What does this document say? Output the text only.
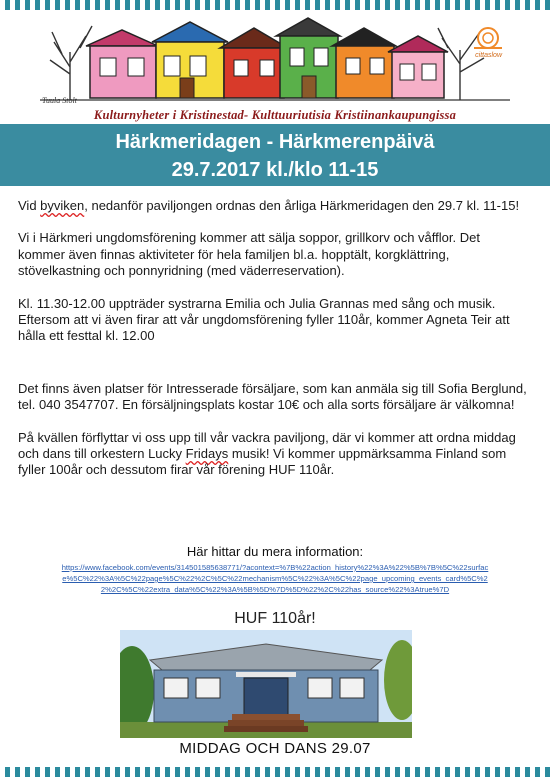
cittaslow
Tuula Stolt
Kulturnyheter i Kristinestad- Kulttuuriutisia Kristiinankaupungissa
Härkmeridagen - Härkmerenpäivä
29.7.2017 kl./klo 11-15

Vid byviken, nedanför paviljongen ordnas den årliga Härkmeridagen den 29.7 kl. 11-15!

Vi i Härkmeri ungdomsförening kommer att sälja soppor, grillkorv och våfflor. Det kommer även finnas aktiviteter för hela familjen bl.a. hopptält, korgklättring, stövelkastning och ponnyridning (med väderreservation).

Kl. 11.30-12.00 uppträder systrarna Emilia och Julia Grannas med sång och musik. Eftersom att vi även firar att vår ungdomsförening fyller 110år, kommer Agneta Teir att hålla ett festtal kl. 12.00

Det finns även platser för Intresserade försäljare, som kan anmäla sig till Sofia Berglund, tel. 040 3547707. En försäljningsplats kostar 10€ och alla sorts försäljare är välkomna!

På kvällen förflyttar vi oss upp till vår vackra paviljong, där vi kommer att ordna middag och dans till orkestern Lucky Fridays musik! Vi kommer uppmärksamma Finland som fyller 100år och dessutom firar vår förening HUF 110år.

Här hittar du mera information:
https://www.facebook.com/events/314501585638771/?acontext=%7B%22action_history%22%3A%22%5B%7B%5C%22surface%5C%22%3A%5C%22page%5C%22%2C%5C%22mechanism%5C%22%3A%5C%22page_upcoming_events_card%5C%22%2C%5C%22extra_data%5C%22%3A%5B%5D%7D%5D%22%2C%22has_source%22%3Atrue%7D
HUF 110år!
MIDDAG OCH DANS 29.07
